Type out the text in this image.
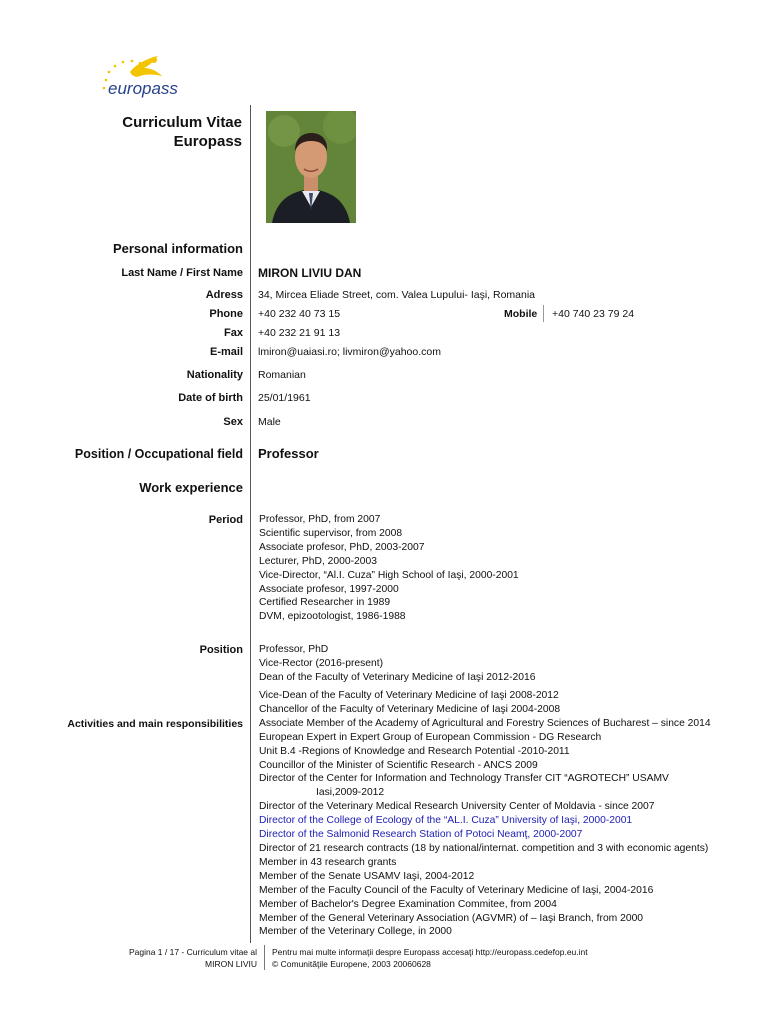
europass
Curriculum Vitae
Europass
Personal information
Last Name / First Name MIRON LIVIU DAN
Adress 34, Mircea Eliade Street, com. Valea Lupului- Iaşi, Romania
Phone +40 232 40 73 15	Mobile +40 740 23 79 24
Fax +40 232 21 91 13
E-mail lmiron@uaiasi.ro; livmiron@yahoo.com
Nationality Romanian
Date of birth 25/01/1961
Sex Male
Position / Occupational field Professor
Work experience
Period Professor, PhD, from 2007
Scientific supervisor, from 2008
Associate profesor, PhD, 2003-2007
Lecturer, PhD, 2000-2003
Vice-Director, “Al.I. Cuza” High School of Iaşi, 2000-2001
Associate profesor, 1997-2000
Certified Researcher in 1989
DVM, epizootologist, 1986-1988
Position Professor, PhD
Vice-Rector (2016-present)
Dean of the Faculty of Veterinary Medicine of Iaşi 2012-2016
Activities and main responsibilities
Vice-Dean of the Faculty of Veterinary Medicine of Iaşi 2008-2012
Chancellor of the Faculty of Veterinary Medicine of Iaşi 2004-2008
Associate Member of the Academy of Agricultural and Forestry Sciences of Bucharest – since 2014
European Expert in Expert Group of European Commission - DG Research
Unit B.4 -Regions of Knowledge and Research Potential -2010-2011
Councillor of the Minister of Scientific Research - ANCS 2009
Director of the Center for Information and Technology Transfer CIT “AGROTECH” USAMV
Iasi,2009-2012
Director of the Veterinary Medical Research University Center of Moldavia - since 2007
Director of the College of Ecology of the “AL.I. Cuza” University of Iaşi, 2000-2001
Director of the Salmonid Research Station of Potoci Neamţ, 2000-2007
Director of 21 research contracts (18 by national/internat. competition and 3 with economic agents)
Member in 43 research grants
Member of the Senate USAMV Iaşi, 2004-2012
Member of the Faculty Council of the Faculty of Veterinary Medicine of Iaşi, 2004-2016
Member of Bachelor's Degree Examination Commitee, from 2004
Member of the General Veterinary Association (AGVMR) of – Iaşi Branch, from 2000
Member of the Veterinary College, in 2000
Pagina 1 / 17 - Curriculum vitae al
MIRON LIVIU
Pentru mai multe informaţii despre Europass accesaţi http://europass.cedefop.eu.int
© Comunităţile Europene, 2003 20060628
